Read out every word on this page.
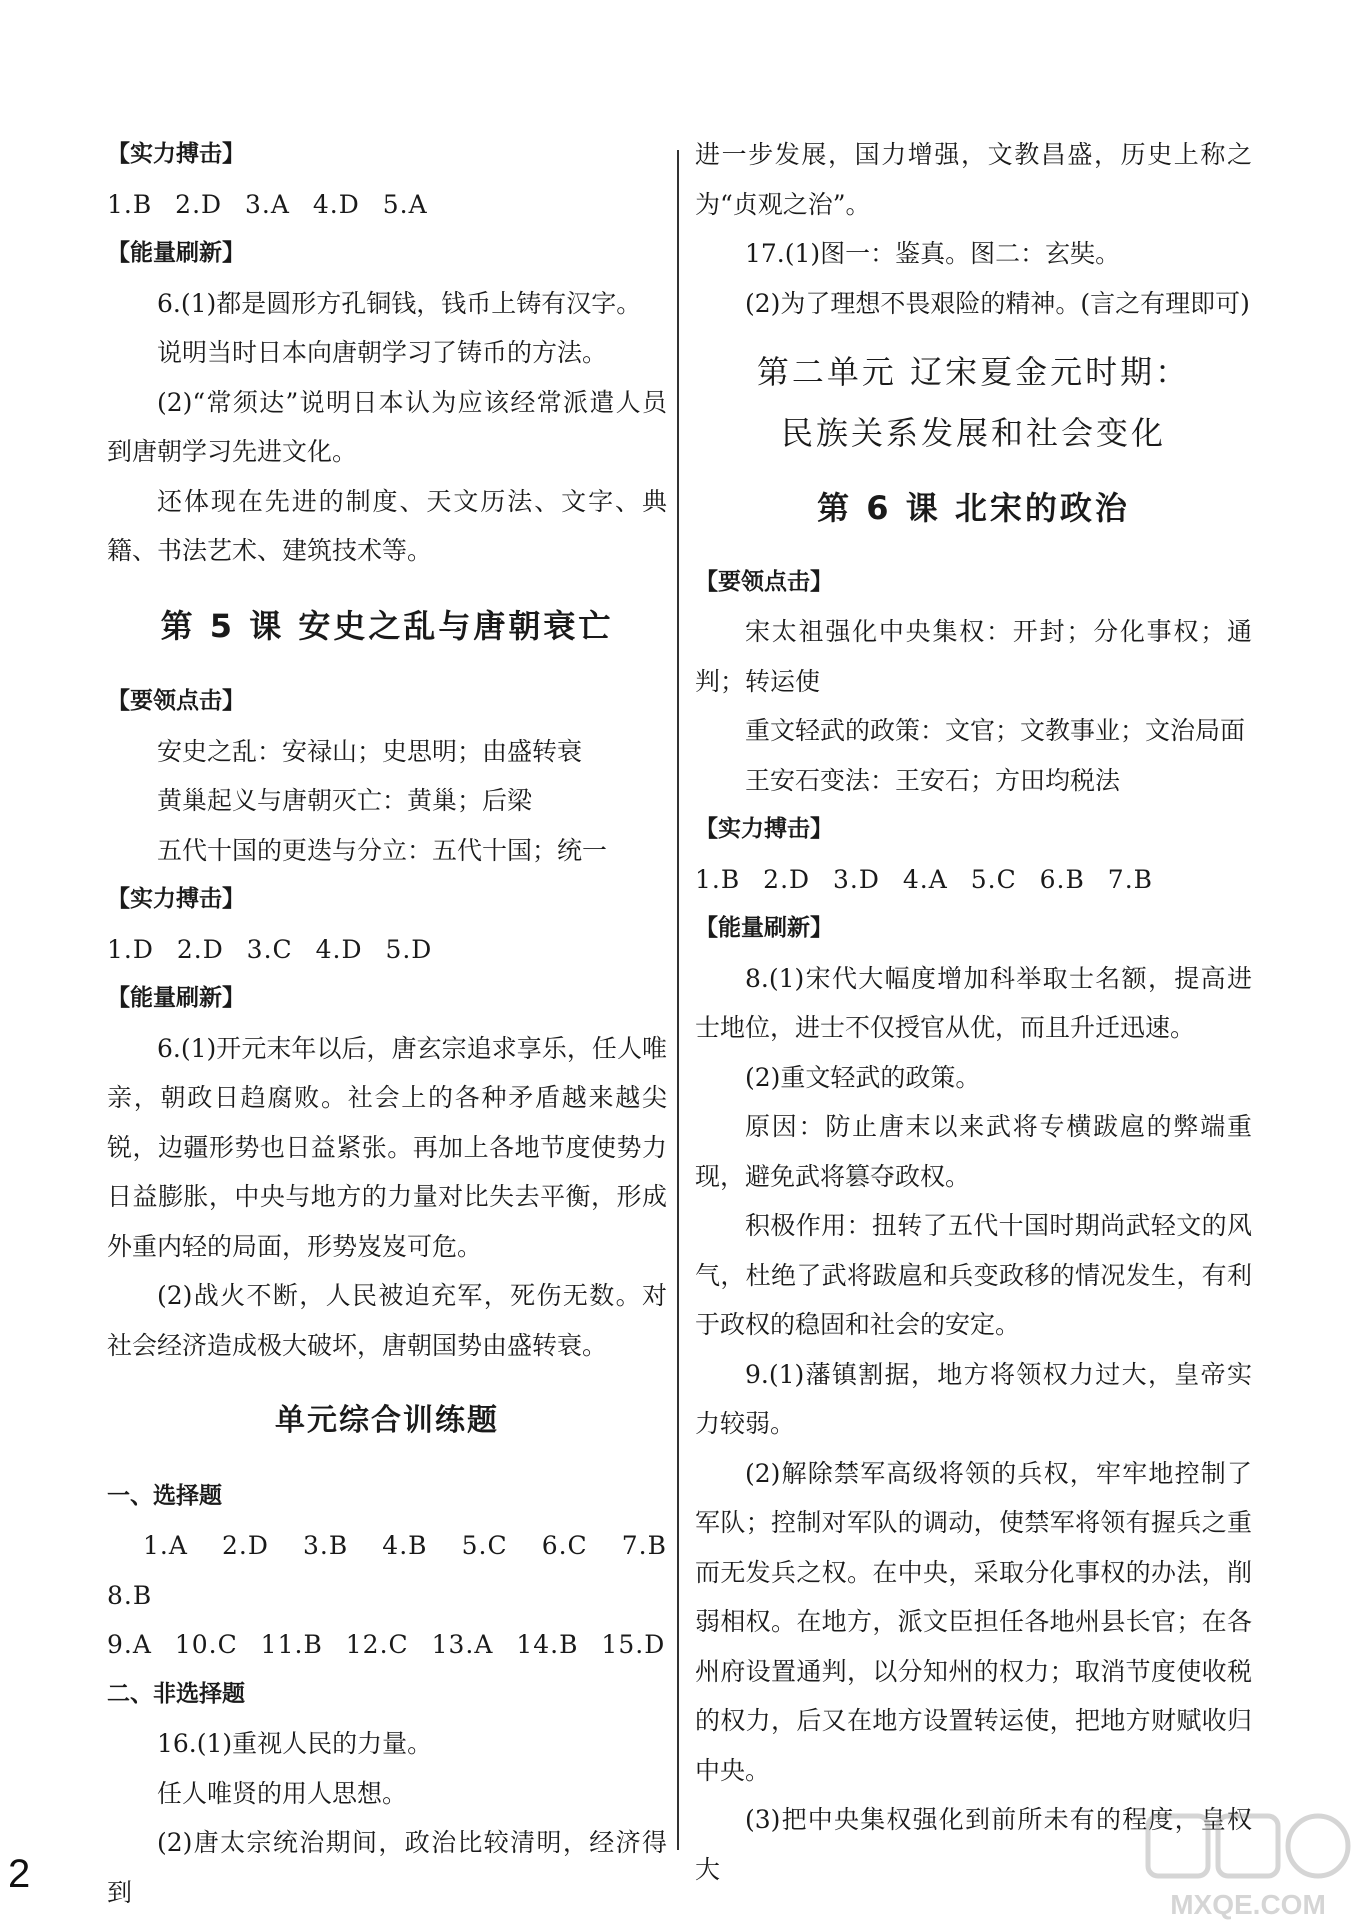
【实力搏击】

1.B 2.D 3.A 4.D 5.A

【能量刷新】

6.(1)都是圆形方孔铜钱，钱币上铸有汉字。

说明当时日本向唐朝学习了铸币的方法。

(2)“常须达”说明日本认为应该经常派遣人员到唐朝学习先进文化。

还体现在先进的制度、天文历法、文字、典籍、书法艺术、建筑技术等。

第 5 课 安史之乱与唐朝衰亡

【要领点击】

安史之乱：安禄山；史思明；由盛转衰

黄巢起义与唐朝灭亡：黄巢；后梁

五代十国的更迭与分立：五代十国；统一

【实力搏击】

1.D 2.D 3.C 4.D 5.D

【能量刷新】

6.(1)开元末年以后，唐玄宗追求享乐，任人唯亲，朝政日趋腐败。社会上的各种矛盾越来越尖锐，边疆形势也日益紧张。再加上各地节度使势力日益膨胀，中央与地方的力量对比失去平衡，形成外重内轻的局面，形势岌岌可危。

(2)战火不断，人民被迫充军，死伤无数。对社会经济造成极大破坏，唐朝国势由盛转衰。

单元综合训练题

一、选择题

1.A 2.D 3.B 4.B 5.C 6.C 7.B 8.B

9.A 10.C 11.B 12.C 13.A 14.B 15.D

二、非选择题

16.(1)重视人民的力量。

任人唯贤的用人思想。

(2)唐太宗统治期间，政治比较清明，经济得到

进一步发展，国力增强，文教昌盛，历史上称之为“贞观之治”。

17.(1)图一：鉴真。图二：玄奘。

(2)为了理想不畏艰险的精神。(言之有理即可)

第二单元 辽宋夏金元时期：

民族关系发展和社会变化

第 6 课 北宋的政治

【要领点击】

宋太祖强化中央集权：开封；分化事权；通判；转运使

重文轻武的政策：文官；文教事业；文治局面

王安石变法：王安石；方田均税法

【实力搏击】

1.B 2.D 3.D 4.A 5.C 6.B 7.B

【能量刷新】

8.(1)宋代大幅度增加科举取士名额，提高进士地位，进士不仅授官从优，而且升迁迅速。

(2)重文轻武的政策。

原因：防止唐末以来武将专横跋扈的弊端重现，避免武将篡夺政权。

积极作用：扭转了五代十国时期尚武轻文的风气，杜绝了武将跋扈和兵变政移的情况发生，有利于政权的稳固和社会的安定。

9.(1)藩镇割据，地方将领权力过大，皇帝实力较弱。

(2)解除禁军高级将领的兵权，牢牢地控制了军队；控制对军队的调动，使禁军将领有握兵之重而无发兵之权。在中央，采取分化事权的办法，削弱相权。在地方，派文臣担任各地州县长官；在各州府设置通判，以分知州的权力；取消节度使收税的权力，后又在地方设置转运使，把地方财赋收归中央。

(3)把中央集权强化到前所未有的程度，皇权大

2
MXQE.COM
